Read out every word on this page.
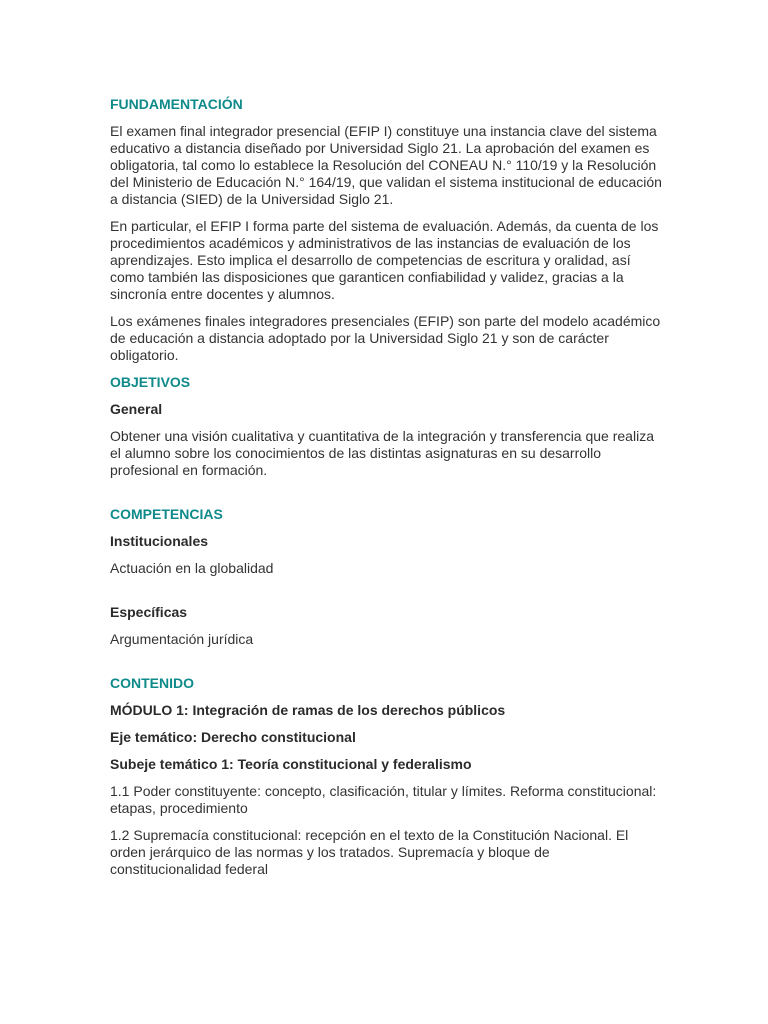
FUNDAMENTACIÓN

El examen final integrador presencial (EFIP I) constituye una instancia clave del sistema educativo a distancia diseñado por Universidad Siglo 21. La aprobación del examen es obligatoria, tal como lo establece la Resolución del CONEAU N.° 110/19 y la Resolución del Ministerio de Educación N.° 164/19, que validan el sistema institucional de educación a distancia (SIED) de la Universidad Siglo 21.

En particular, el EFIP I forma parte del sistema de evaluación. Además, da cuenta de los procedimientos académicos y administrativos de las instancias de evaluación de los aprendizajes. Esto implica el desarrollo de competencias de escritura y oralidad, así como también las disposiciones que garanticen confiabilidad y validez, gracias a la sincronía entre docentes y alumnos.

Los exámenes finales integradores presenciales (EFIP) son parte del modelo académico de educación a distancia adoptado por la Universidad Siglo 21 y son de carácter obligatorio.

OBJETIVOS
General

Obtener una visión cualitativa y cuantitativa de la integración y transferencia que realiza el alumno sobre los conocimientos de las distintas asignaturas en su desarrollo profesional en formación.

COMPETENCIAS
Institucionales

Actuación en la globalidad

Específicas

Argumentación jurídica

CONTENIDO
MÓDULO 1: Integración de ramas de los derechos públicos
Eje temático: Derecho constitucional
Subeje temático 1: Teoría constitucional y federalismo

1.1 Poder constituyente: concepto, clasificación, titular y límites. Reforma constitucional: etapas, procedimiento

1.2 Supremacía constitucional: recepción en el texto de la Constitución Nacional. El orden jerárquico de las normas y los tratados. Supremacía y bloque de constitucionalidad federal
